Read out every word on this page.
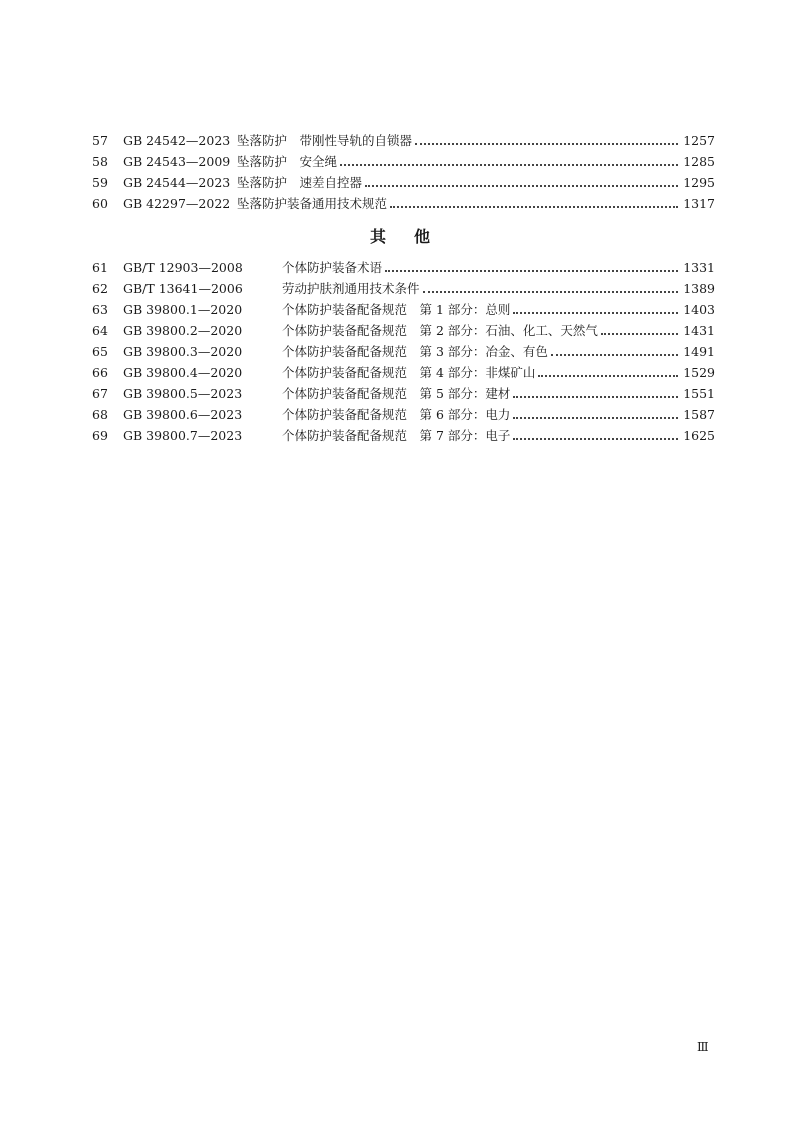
57	GB 24542—2023 坠落防护　带刚性导轨的自锁器	1257
58	GB 24543—2009 坠落防护　安全绳	1285
59	GB 24544—2023 坠落防护　速差自控器	1295
60	GB 42297—2022 坠落防护装备通用技术规范	1317
其他
61	GB/T 12903—2008	个体防护装备术语	1331
62	GB/T 13641—2006	劳动护肤剂通用技术条件	1389
63	GB 39800.1—2020	个体防护装备配备规范　第 1 部分：总则	1403
64	GB 39800.2—2020	个体防护装备配备规范　第 2 部分：石油、化工、天然气	1431
65	GB 39800.3—2020	个体防护装备配备规范　第 3 部分：冶金、有色	1491
66	GB 39800.4—2020	个体防护装备配备规范　第 4 部分：非煤矿山	1529
67	GB 39800.5—2023	个体防护装备配备规范　第 5 部分：建材	1551
68	GB 39800.6—2023	个体防护装备配备规范　第 6 部分：电力	1587
69	GB 39800.7—2023	个体防护装备配备规范　第 7 部分：电子	1625
Ⅲ
